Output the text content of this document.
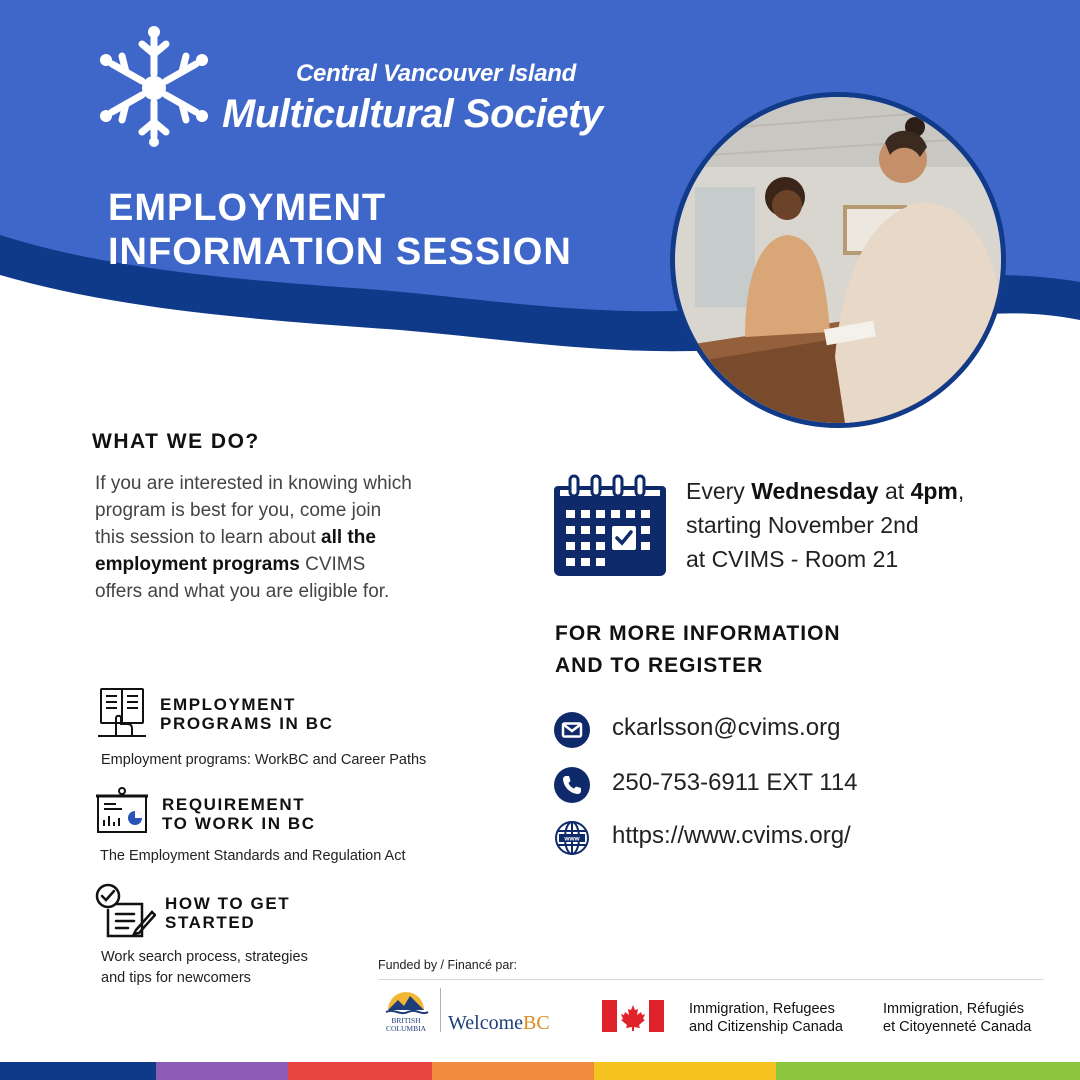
Central Vancouver Island
Multicultural Society
EMPLOYMENT
INFORMATION SESSION
WHAT WE DO?
If you are interested in knowing which program is best for you, come join this session to learn about all the employment programs CVIMS offers and what you are eligible for.
EMPLOYMENT
PROGRAMS IN BC
Employment programs: WorkBC and Career Paths
REQUIREMENT
TO WORK IN BC
The Employment Standards and Regulation Act
HOW TO GET
STARTED
Work search process, strategies
and tips for newcomers
Every Wednesday at 4pm,
starting November 2nd
at CVIMS - Room 21
FOR MORE INFORMATION
AND TO REGISTER
ckarlsson@cvims.org
250-753-6911 EXT 114
www https://www.cvims.org/
Funded by / Financé par:
BRITISH
COLUMBIA WelcomeBC
Immigration, Refugees
and Citizenship Canada
Immigration, Réfugiés
et Citoyenneté Canada
